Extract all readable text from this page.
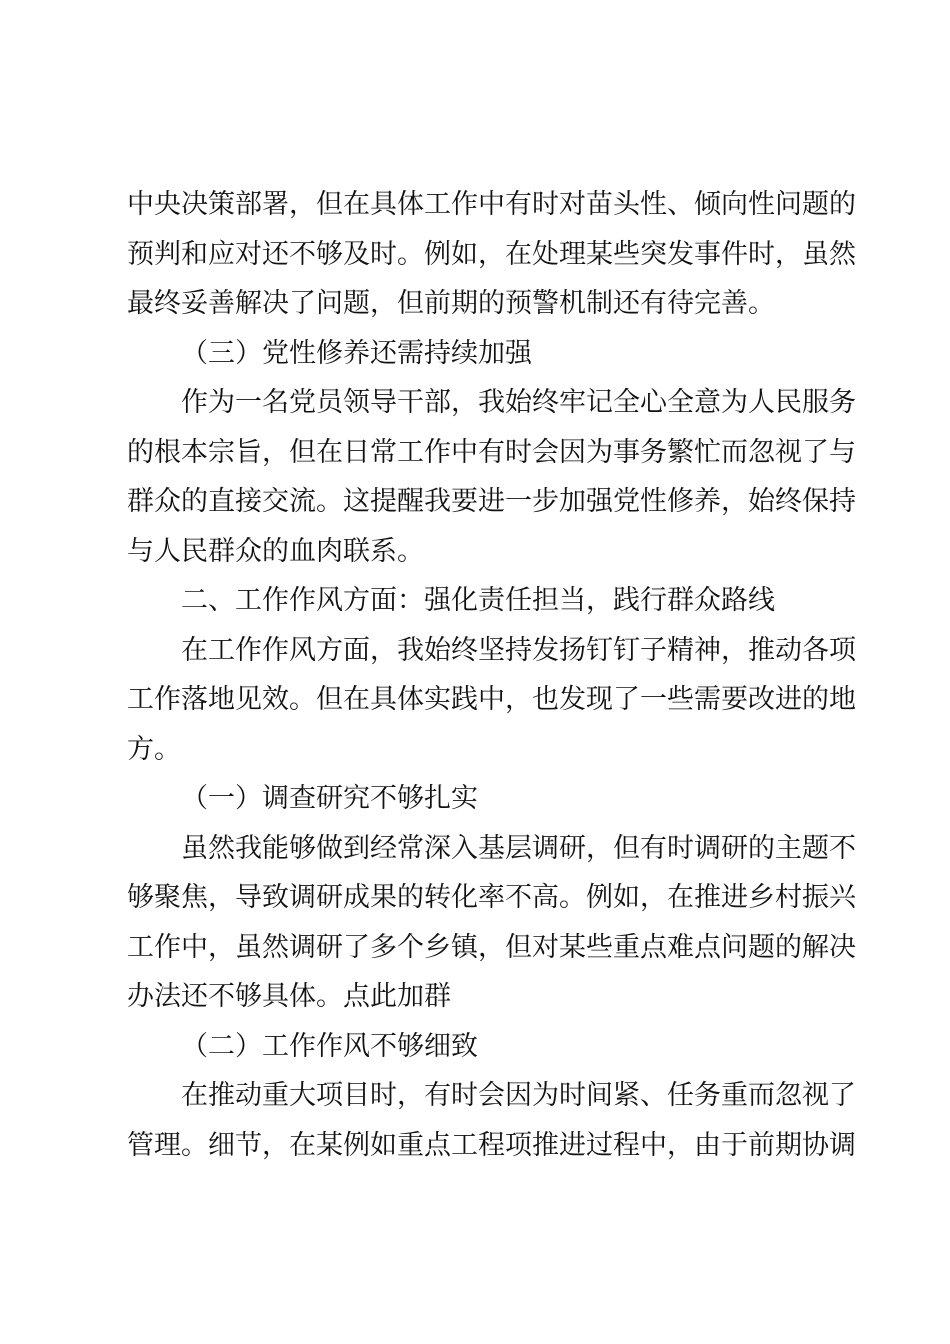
中央决策部署，但在具体工作中有时对苗头性、倾向性问题的
预判和应对还不够及时。例如，在处理某些突发事件时，虽然
最终妥善解决了问题，但前期的预警机制还有待完善。
（三）党性修养还需持续加强
作为一名党员领导干部，我始终牢记全心全意为人民服务
的根本宗旨，但在日常工作中有时会因为事务繁忙而忽视了与
群众的直接交流。这提醒我要进一步加强党性修养，始终保持
与人民群众的血肉联系。
二、工作作风方面：强化责任担当，践行群众路线
在工作作风方面，我始终坚持发扬钉钉子精神，推动各项
工作落地见效。但在具体实践中，也发现了一些需要改进的地
方。
（一）调查研究不够扎实
虽然我能够做到经常深入基层调研，但有时调研的主题不
够聚焦，导致调研成果的转化率不高。例如，在推进乡村振兴
工作中，虽然调研了多个乡镇，但对某些重点难点问题的解决
办法还不够具体。点此加群
（二）工作作风不够细致
在推动重大项目时，有时会因为时间紧、任务重而忽视了
管理。细节，在某例如重点工程项推进过程中，由于前期协调
